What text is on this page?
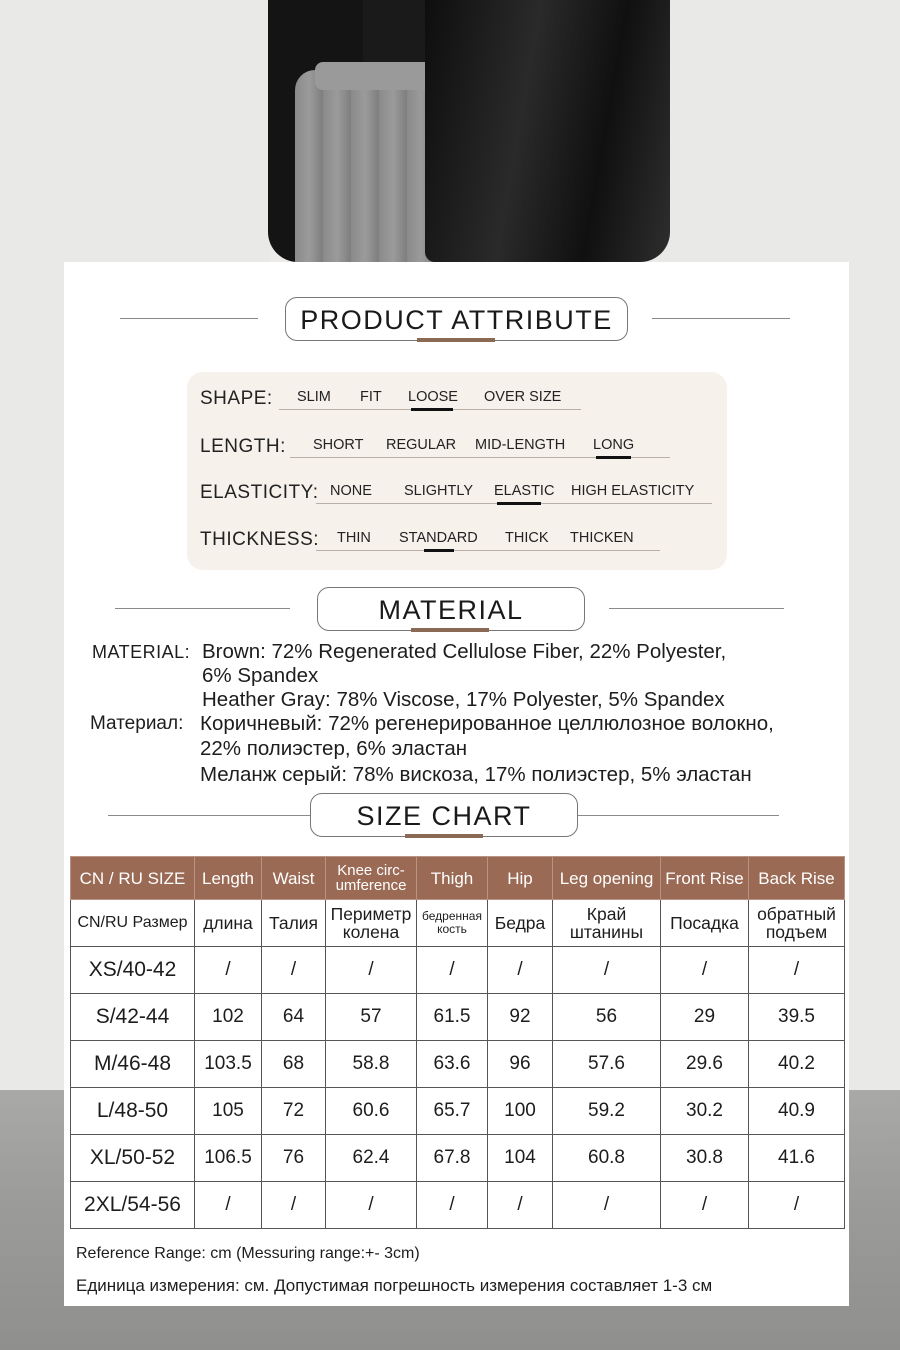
PRODUCT ATTRIBUTE
SHAPE: SLIM FIT LOOSE OVER SIZE
LENGTH: SHORT REGULAR MID-LENGTH LONG
ELASTICITY: NONE SLIGHTLY ELASTIC HIGH ELASTICITY
THICKNESS: THIN STANDARD THICK THICKEN
MATERIAL
MATERIAL: Brown: 72% Regenerated Cellulose Fiber, 22% Polyester,
6% Spandex
Heather Gray: 78% Viscose, 17% Polyester, 5% Spandex
Материал: Коричневый: 72% регенерированное целлюлозное волокно,
22% полиэстер, 6% эластан
Меланж серый: 78% вискоза, 17% полиэстер, 5% эластан
SIZE CHART
CN / RU SIZE	Length	Waist	Knee circ- umference	Thigh	Hip	Leg opening	Front Rise	Back Rise
CN/RU Размер	длина	Талия	Периметр колена	бедренная кость	Бедра	Край штанины	Посадка	обратный подъем
XS/40-42	/	/	/	/	/	/	/	/
S/42-44	102	64	57	61.5	92	56	29	39.5
M/46-48	103.5	68	58.8	63.6	96	57.6	29.6	40.2
L/48-50	105	72	60.6	65.7	100	59.2	30.2	40.9
XL/50-52	106.5	76	62.4	67.8	104	60.8	30.8	41.6
2XL/54-56	/	/	/	/	/	/	/	/
Reference Range: cm (Messuring range:+- 3cm)
Единица измерения: см. Допустимая погрешность измерения составляет 1-3 см
